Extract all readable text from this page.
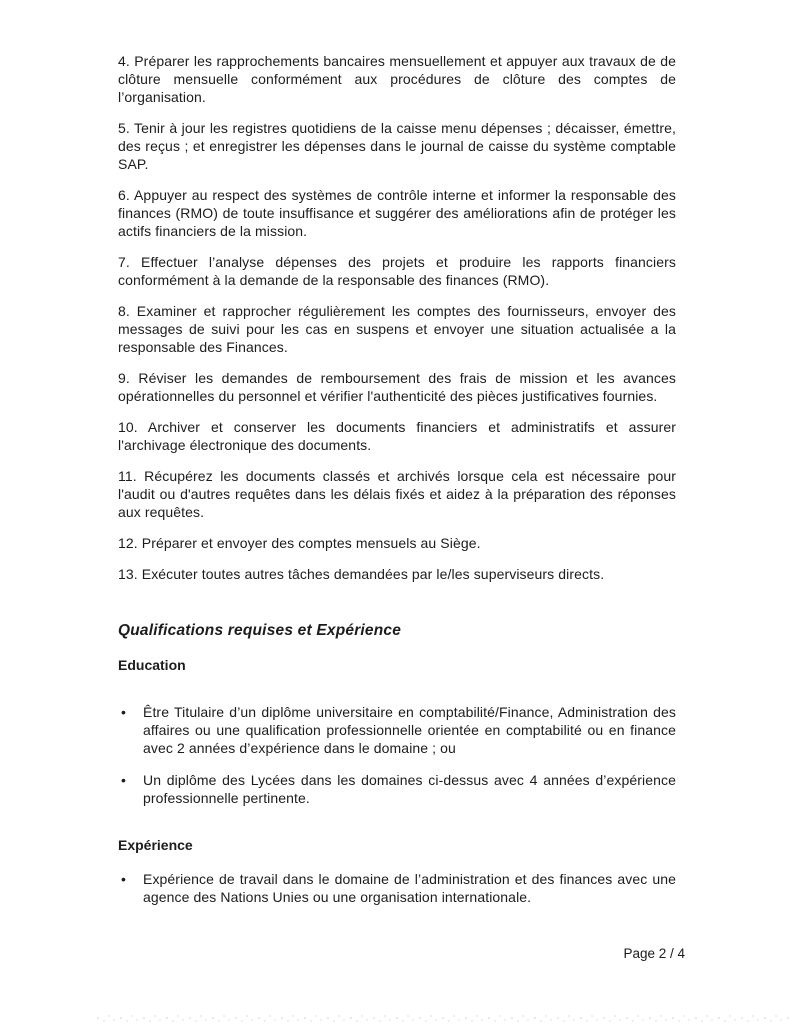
4. Préparer les rapprochements bancaires mensuellement et appuyer aux travaux de de clôture mensuelle conformément aux procédures de clôture des comptes de l’organisation.

5. Tenir à jour les registres quotidiens de la caisse menu dépenses ; décaisser, émettre, des reçus ; et enregistrer les dépenses dans le journal de caisse du système comptable SAP.

6. Appuyer au respect des systèmes de contrôle interne et informer la responsable des finances (RMO) de toute insuffisance et suggérer des améliorations afin de protéger les actifs financiers de la mission.

7. Effectuer l’analyse dépenses des projets et produire les rapports financiers conformément à la demande de la responsable des finances (RMO).

8. Examiner et rapprocher régulièrement les comptes des fournisseurs, envoyer des messages de suivi pour les cas en suspens et envoyer une situation actualisée a la responsable des Finances.

9. Réviser les demandes de remboursement des frais de mission et les avances opérationnelles du personnel et vérifier l'authenticité des pièces justificatives fournies.

10. Archiver et conserver les documents financiers et administratifs et assurer l'archivage électronique des documents.

11. Récupérez les documents classés et archivés lorsque cela est nécessaire pour l'audit ou d'autres requêtes dans les délais fixés et aidez à la préparation des réponses aux requêtes.

12. Préparer et envoyer des comptes mensuels au Siège.

13. Exécuter toutes autres tâches demandées par le/les superviseurs directs.

Qualifications requises et Expérience
Education
• Être Titulaire d’un diplôme universitaire en comptabilité/Finance, Administration des affaires ou une qualification professionnelle orientée en comptabilité ou en finance avec 2 années d’expérience dans le domaine ; ou
• Un diplôme des Lycées dans les domaines ci-dessus avec 4 années d’expérience professionnelle pertinente.
Expérience
• Expérience de travail dans le domaine de l’administration et des finances avec une agence des Nations Unies ou une organisation internationale.
Page 2 / 4
